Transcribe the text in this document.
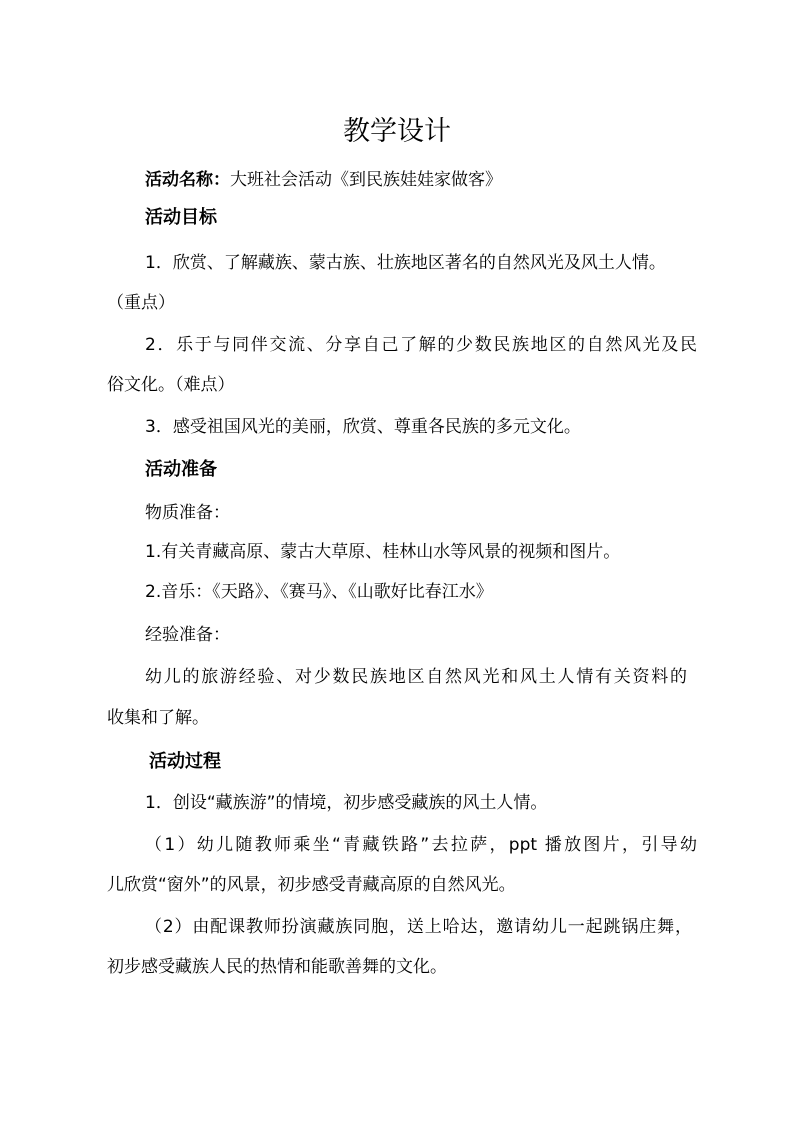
教学设计
活动名称：大班社会活动《到民族娃娃家做客》
活动目标
1．欣赏、了解藏族、蒙古族、壮族地区著名的自然风光及风土人情。
（重点）
2．乐于与同伴交流、分享自己了解的少数民族地区的自然风光及民
俗文化。（难点）
3．感受祖国风光的美丽，欣赏、尊重各民族的多元文化。
活动准备
物质准备：
1.有关青藏高原、蒙古大草原、桂林山水等风景的视频和图片。
2.音乐：《天路》、《赛马》、《山歌好比春江水》
经验准备：
幼儿的旅游经验、对少数民族地区自然风光和风土人情有关资料的
收集和了解。
活动过程
1．创设“藏族游”的情境，初步感受藏族的风土人情。
（1）幼儿随教师乘坐“青藏铁路”去拉萨，ppt 播放图片，引导幼
儿欣赏“窗外”的风景，初步感受青藏高原的自然风光。
（2）由配课教师扮演藏族同胞，送上哈达，邀请幼儿一起跳锅庄舞，
初步感受藏族人民的热情和能歌善舞的文化。
